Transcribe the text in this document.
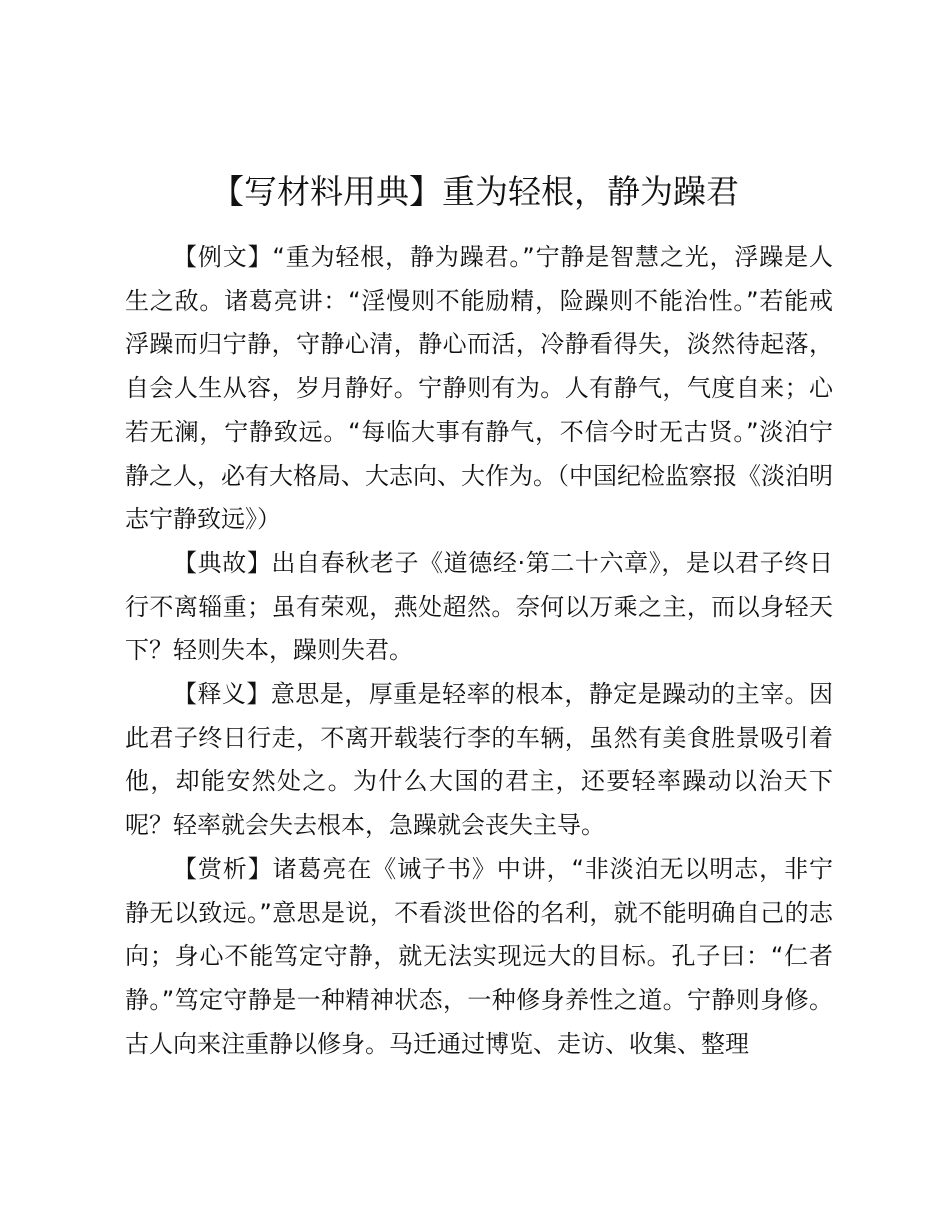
【写材料用典】重为轻根，静为躁君

【例文】“重为轻根，静为躁君。”宁静是智慧之光，浮躁是人生之敌。诸葛亮讲：“淫慢则不能励精，险躁则不能治性。”若能戒浮躁而归宁静，守静心清，静心而活，冷静看得失，淡然待起落，自会人生从容，岁月静好。宁静则有为。人有静气，气度自来；心若无澜，宁静致远。“每临大事有静气，不信今时无古贤。”淡泊宁静之人，必有大格局、大志向、大作为。（中国纪检监察报《淡泊明志宁静致远》）

【典故】出自春秋老子《道德经·第二十六章》，是以君子终日行不离辎重；虽有荣观，燕处超然。奈何以万乘之主，而以身轻天下？轻则失本，躁则失君。

【释义】意思是，厚重是轻率的根本，静定是躁动的主宰。因此君子终日行走，不离开载装行李的车辆，虽然有美食胜景吸引着他，却能安然处之。为什么大国的君主，还要轻率躁动以治天下呢？轻率就会失去根本，急躁就会丧失主导。

【赏析】诸葛亮在《诫子书》中讲，“非淡泊无以明志，非宁静无以致远。”意思是说，不看淡世俗的名利，就不能明确自己的志向；身心不能笃定守静，就无法实现远大的目标。孔子曰：“仁者静。”笃定守静是一种精神状态，一种修身养性之道。宁静则身修。古人向来注重静以修身。马迁通过博览、走访、收集、整理
